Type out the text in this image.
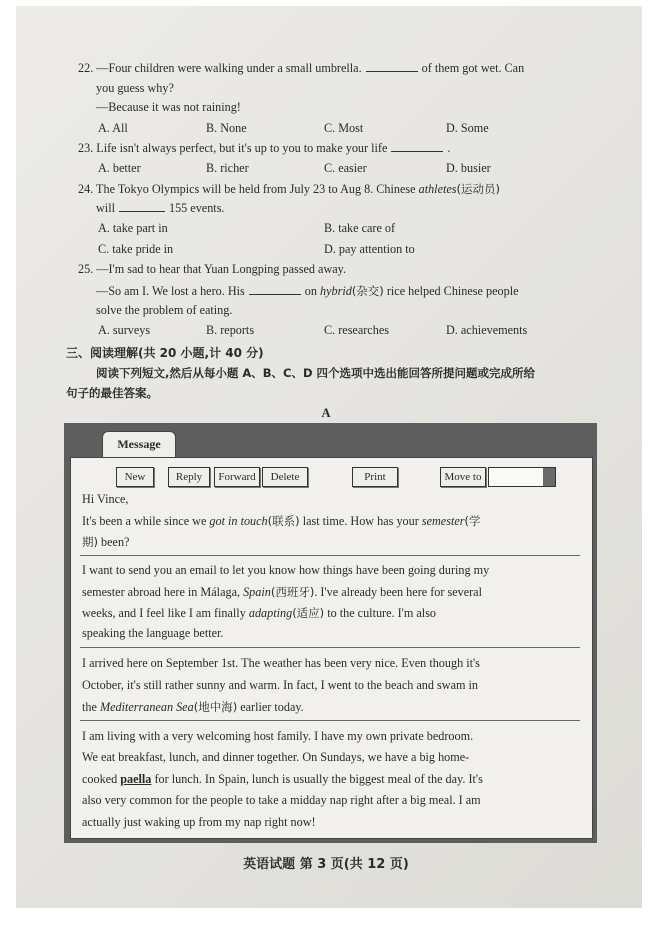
22. —Four children were walking under a small umbrella.	of them got wet. Can
you guess why?
—Because it was not raining!
A. All	B. None	C. Most	D. Some
23. Life isn't always perfect, but it's up to you to make your life	.
A. better	B. richer	C. easier	D. busier
24. The Tokyo Olympics will be held from July 23 to Aug 8. Chinese athletes(运动员)
will	155 events.
A. take part in	B. take care of
C. take pride in	D. pay attention to
25. —I'm sad to hear that Yuan Longping passed away.
—So am I. We lost a hero. His	on hybrid(杂交) rice helped Chinese people
solve the problem of eating.
A. surveys	B. reports	C. researches	D. achievements
三、阅读理解(共 20 小题,计 40 分)
阅读下列短文,然后从每小题 A、B、C、D 四个选项中选出能回答所提问题或完成所给
句子的最佳答案。
A
Message
New	Reply	Forward	Delete	Print	Move to
Hi Vince,
It's been a while since we got in touch(联系) last time. How has your semester(学
期) been?
I want to send you an email to let you know how things have been going during my
semester abroad here in Málaga, Spain(西班牙). I've already been here for several
weeks, and I feel like I am finally adapting(适应) to the culture. I'm also
speaking the language better.
I arrived here on September 1st. The weather has been very nice. Even though it's
October, it's still rather sunny and warm. In fact, I went to the beach and swam in
the Mediterranean Sea(地中海) earlier today.
I am living with a very welcoming host family. I have my own private bedroom.
We eat breakfast, lunch, and dinner together. On Sundays, we have a big home-
cooked paella for lunch. In Spain, lunch is usually the biggest meal of the day. It's
also very common for the people to take a midday nap right after a big meal. I am
actually just waking up from my nap right now!
英语试题 第 3 页(共 12 页)
